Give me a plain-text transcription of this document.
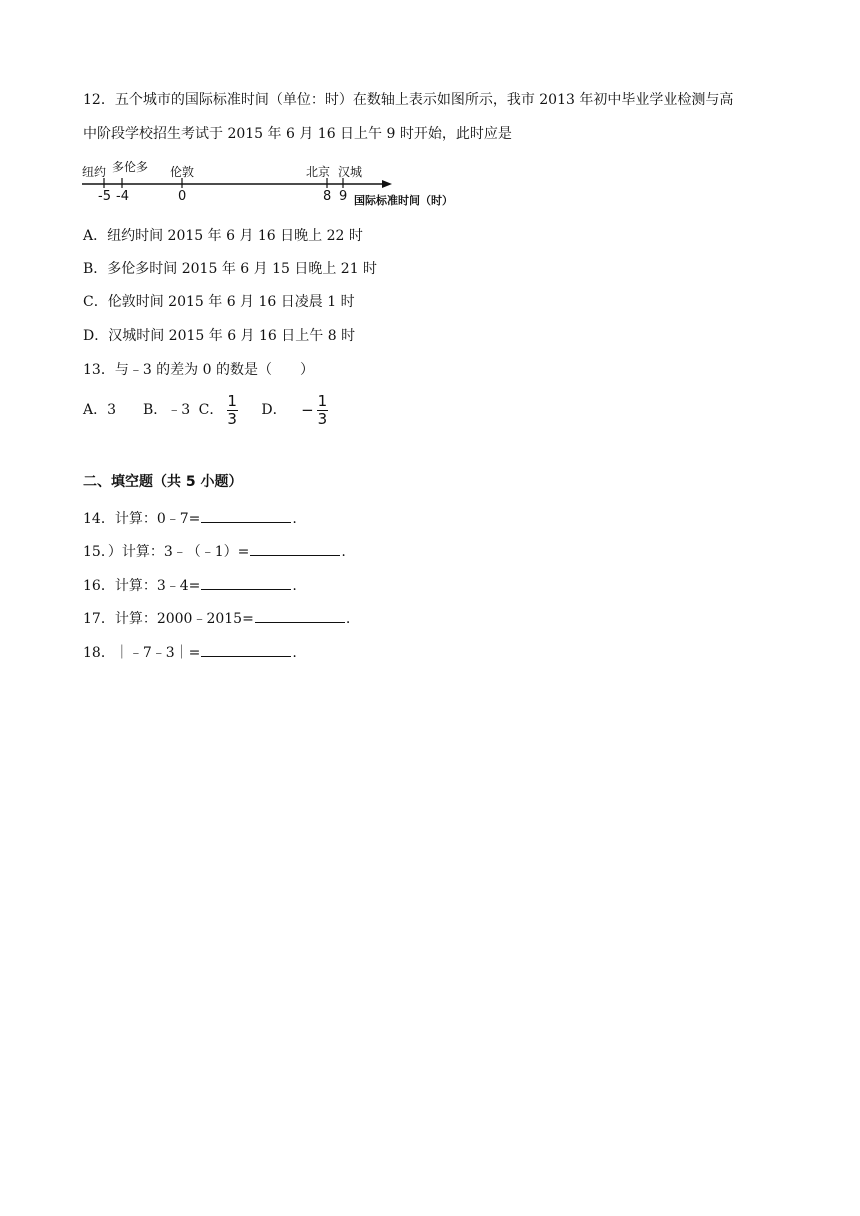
12．五个城市的国际标准时间（单位：时）在数轴上表示如图所示，我市 2013 年初中毕业学业检测与高
中阶段学校招生考试于 2015 年 6 月 16 日上午 9 时开始，此时应是
纽约 多伦多 伦敦	北京 汉城
-5 -4	0	8 9 国际标准时间（时）
A．纽约时间 2015 年 6 月 16 日晚上 22 时
B．多伦多时间 2015 年 6 月 15 日晚上 21 时
C．伦敦时间 2015 年 6 月 16 日凌晨 1 时
D．汉城时间 2015 年 6 月 16 日上午 8 时
13．与﹣3 的差为 0 的数是（　　）
A．3 B．﹣3 C． $\frac{1}{3}$ D． − $\frac{1}{3}$
二、填空题（共 5 小题）
14．计算：0﹣7=	.
15．）计算：3﹣（﹣1）=	.
16．计算：3﹣4=	.
17．计算：2000﹣2015=	.
18．｜﹣7﹣3｜=	.
